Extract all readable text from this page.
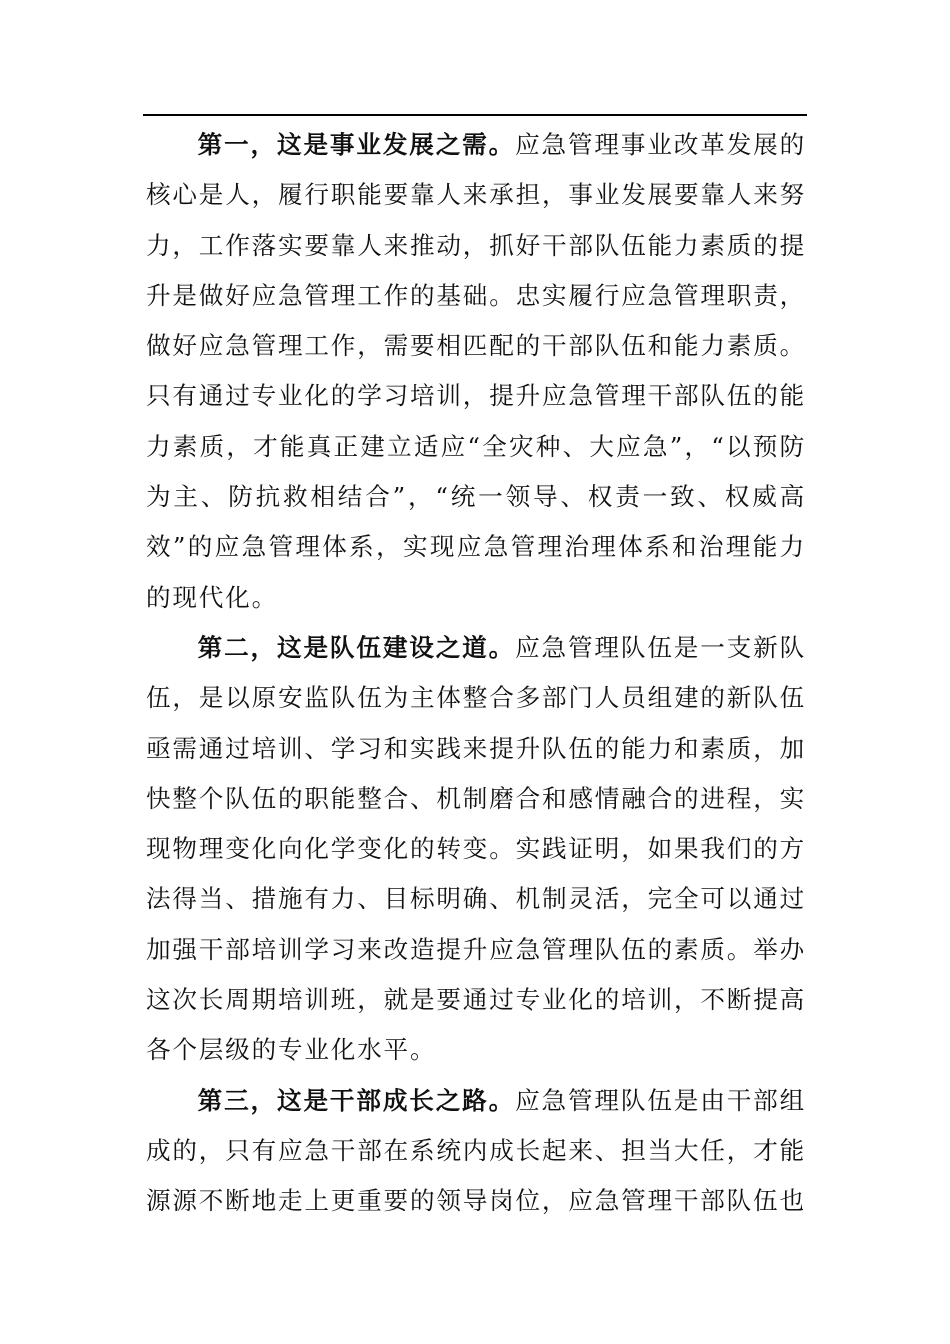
第一，这是事业发展之需。应急管理事业改革发展的核心是人，履行职能要靠人来承担，事业发展要靠人来努力，工作落实要靠人来推动，抓好干部队伍能力素质的提升是做好应急管理工作的基础。忠实履行应急管理职责，做好应急管理工作，需要相匹配的干部队伍和能力素质。只有通过专业化的学习培训，提升应急管理干部队伍的能力素质，才能真正建立适应“全灾种、大应急”，“以预防为主、防抗救相结合”，“统一领导、权责一致、权威高效”的应急管理体系，实现应急管理治理体系和治理能力的现代化。

第二，这是队伍建设之道。应急管理队伍是一支新队伍，是以原安监队伍为主体整合多部门人员组建的新队伍亟需通过培训、学习和实践来提升队伍的能力和素质，加快整个队伍的职能整合、机制磨合和感情融合的进程，实现物理变化向化学变化的转变。实践证明，如果我们的方法得当、措施有力、目标明确、机制灵活，完全可以通过加强干部培训学习来改造提升应急管理队伍的素质。举办这次长周期培训班，就是要通过专业化的培训，不断提高各个层级的专业化水平。

第三，这是干部成长之路。应急管理队伍是由干部组成的，只有应急干部在系统内成长起来、担当大任，才能源源不断地走上更重要的领导岗位，应急管理干部队伍也
